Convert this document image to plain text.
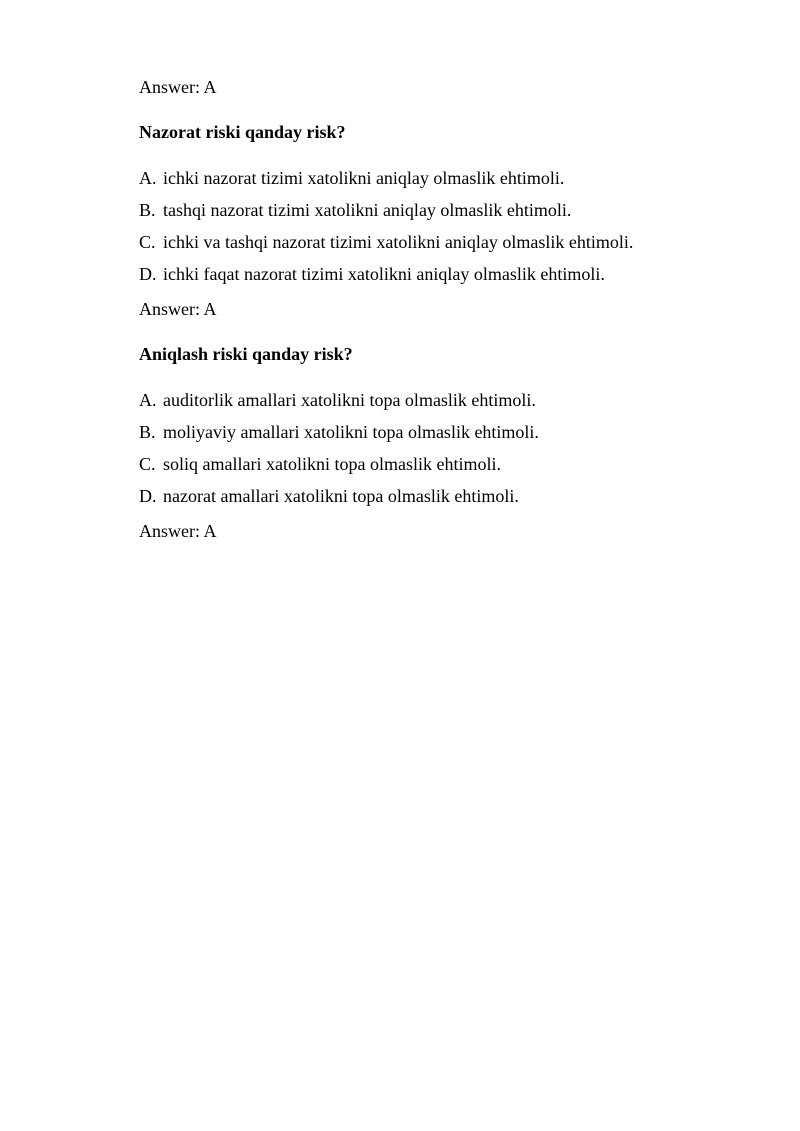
Answer: A

Nazorat riski qanday risk?

A. ichki nazorat tizimi xatolikni aniqlay olmaslik ehtimoli.
B. tashqi nazorat tizimi xatolikni aniqlay olmaslik ehtimoli.
C. ichki va tashqi nazorat tizimi xatolikni aniqlay olmaslik ehtimoli.
D. ichki faqat nazorat tizimi xatolikni aniqlay olmaslik ehtimoli.

Answer: A

Aniqlash riski qanday risk?

A. auditorlik amallari xatolikni topa olmaslik ehtimoli.
B. moliyaviy amallari xatolikni topa olmaslik ehtimoli.
C. soliq amallari xatolikni topa olmaslik ehtimoli.
D. nazorat amallari xatolikni topa olmaslik ehtimoli.

Answer: A
